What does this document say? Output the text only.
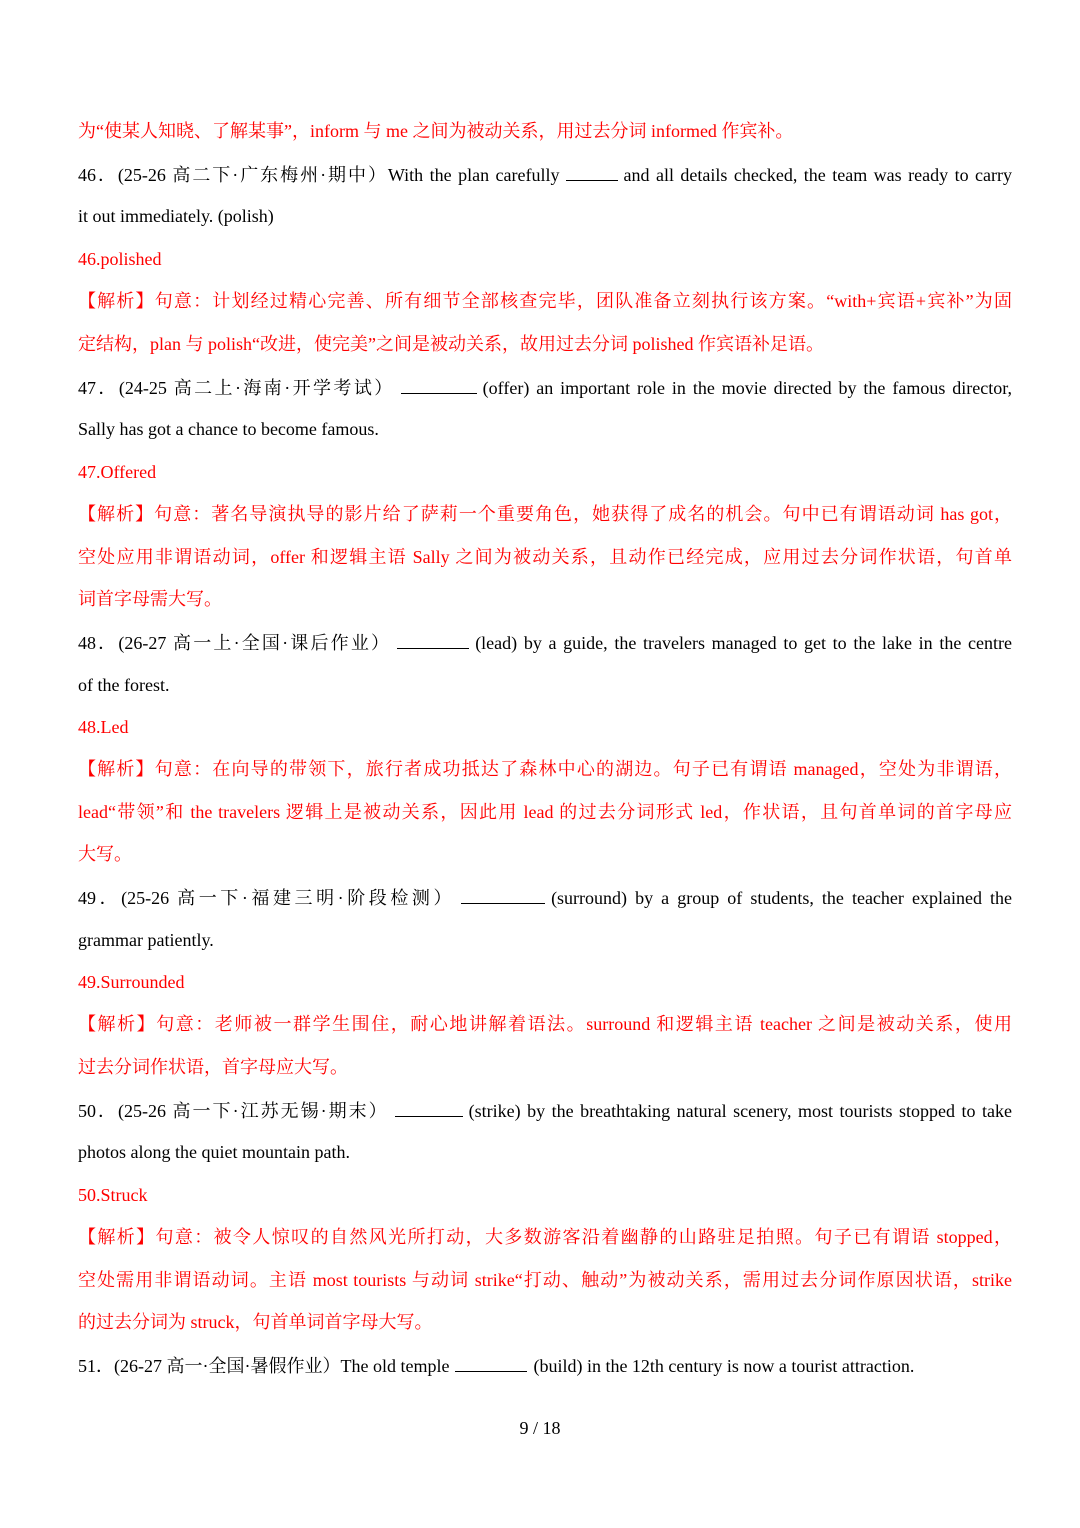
为“使某人知晓、了解某事”，inform 与 me 之间为被动关系，用过去分词 informed 作宾补。
46．(25-26 高二下·广东梅州·期中）With the plan carefully	and all details checked, the team was ready to carry
it out immediately. (polish)
46.polished
【解析】句意：计划经过精心完善、所有细节全部核查完毕，团队准备立刻执行该方案。“with+宾语+宾补”为固
定结构，plan 与 polish“改进，使完美”之间是被动关系，故用过去分词 polished 作宾语补足语。
47．(24-25 高二上·海南·开学考试）	(offer) an important role in the movie directed by the famous director,
Sally has got a chance to become famous.
47.Offered
【解析】句意：著名导演执导的影片给了萨莉一个重要角色，她获得了成名的机会。句中已有谓语动词 has got，
空处应用非谓语动词，offer 和逻辑主语 Sally 之间为被动关系，且动作已经完成，应用过去分词作状语，句首单
词首字母需大写。
48．(26-27 高一上·全国·课后作业）	(lead) by a guide, the travelers managed to get to the lake in the centre
of the forest.
48.Led
【解析】句意：在向导的带领下，旅行者成功抵达了森林中心的湖边。句子已有谓语 managed，空处为非谓语，
lead“带领”和 the travelers 逻辑上是被动关系，因此用 lead 的过去分词形式 led，作状语，且句首单词的首字母应
大写。
49．(25-26 高一下·福建三明·阶段检测）	(surround) by a group of students, the teacher explained the
grammar patiently.
49.Surrounded
【解析】句意：老师被一群学生围住，耐心地讲解着语法。surround 和逻辑主语 teacher 之间是被动关系，使用
过去分词作状语，首字母应大写。
50．(25-26 高一下·江苏无锡·期末）	(strike) by the breathtaking natural scenery, most tourists stopped to take
photos along the quiet mountain path.
50.Struck
【解析】句意：被令人惊叹的自然风光所打动，大多数游客沿着幽静的山路驻足拍照。句子已有谓语 stopped，
空处需用非谓语动词。主语 most tourists 与动词 strike“打动、触动”为被动关系，需用过去分词作原因状语，strike
的过去分词为 struck，句首单词首字母大写。
51．(26-27 高一·全国·暑假作业）The old temple	(build) in the 12th century is now a tourist attraction.
9 / 18
